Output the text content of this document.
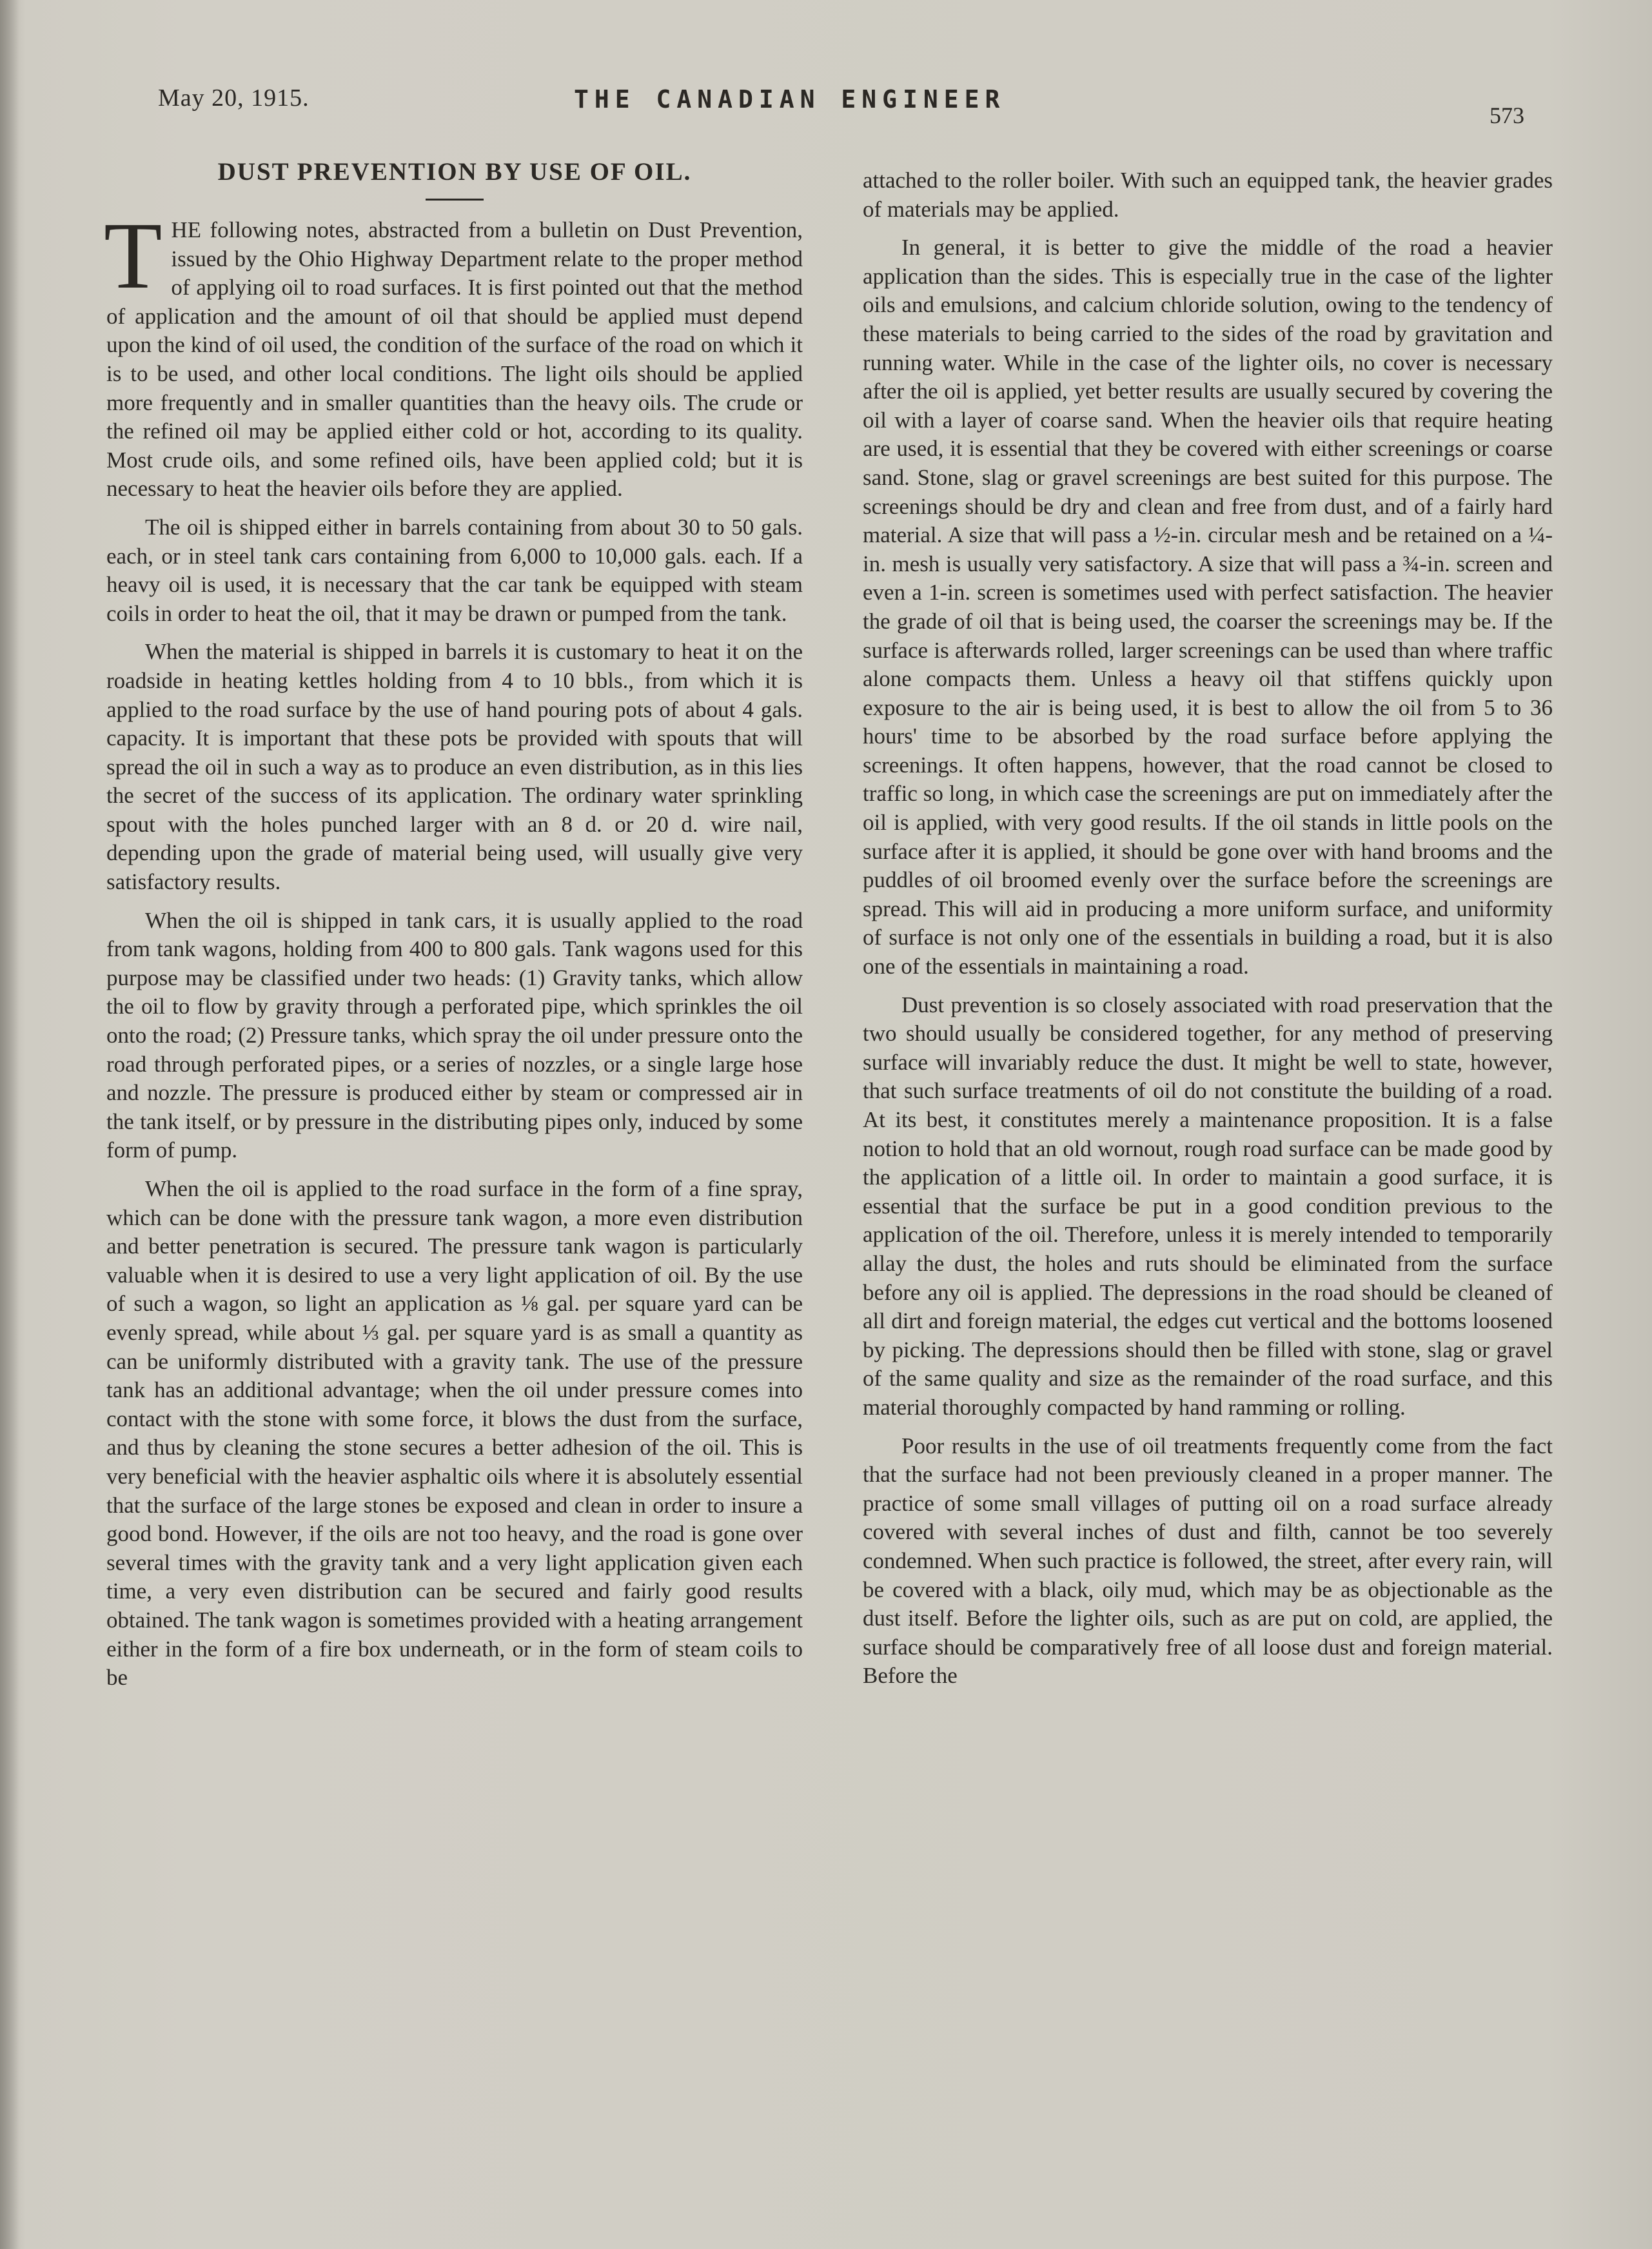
May 20, 1915.	THE CANADIAN ENGINEER
573
DUST PREVENTION BY USE OF OIL.

THE following notes, abstracted from a bulletin on Dust Prevention, issued by the Ohio Highway Department relate to the proper method of applying oil to road surfaces. It is first pointed out that the method of application and the amount of oil that should be applied must depend upon the kind of oil used, the condition of the surface of the road on which it is to be used, and other local conditions. The light oils should be applied more frequently and in smaller quantities than the heavy oils. The crude or the refined oil may be applied either cold or hot, according to its quality. Most crude oils, and some refined oils, have been applied cold; but it is necessary to heat the heavier oils before they are applied.

The oil is shipped either in barrels containing from about 30 to 50 gals. each, or in steel tank cars containing from 6,000 to 10,000 gals. each. If a heavy oil is used, it is necessary that the car tank be equipped with steam coils in order to heat the oil, that it may be drawn or pumped from the tank.

When the material is shipped in barrels it is customary to heat it on the roadside in heating kettles holding from 4 to 10 bbls., from which it is applied to the road surface by the use of hand pouring pots of about 4 gals. capacity. It is important that these pots be provided with spouts that will spread the oil in such a way as to produce an even distribution, as in this lies the secret of the success of its application. The ordinary water sprinkling spout with the holes punched larger with an 8 d. or 20 d. wire nail, depending upon the grade of material being used, will usually give very satisfactory results.

When the oil is shipped in tank cars, it is usually applied to the road from tank wagons, holding from 400 to 800 gals. Tank wagons used for this purpose may be classified under two heads: (1) Gravity tanks, which allow the oil to flow by gravity through a perforated pipe, which sprinkles the oil onto the road; (2) Pressure tanks, which spray the oil under pressure onto the road through perforated pipes, or a series of nozzles, or a single large hose and nozzle. The pressure is produced either by steam or compressed air in the tank itself, or by pressure in the distributing pipes only, induced by some form of pump.

When the oil is applied to the road surface in the form of a fine spray, which can be done with the pressure tank wagon, a more even distribution and better penetration is secured. The pressure tank wagon is particularly valuable when it is desired to use a very light application of oil. By the use of such a wagon, so light an application as ⅛ gal. per square yard can be evenly spread, while about ⅓ gal. per square yard is as small a quantity as can be uniformly distributed with a gravity tank. The use of the pressure tank has an additional advantage; when the oil under pressure comes into contact with the stone with some force, it blows the dust from the surface, and thus by cleaning the stone secures a better adhesion of the oil. This is very beneficial with the heavier asphaltic oils where it is absolutely essential that the surface of the large stones be exposed and clean in order to insure a good bond. However, if the oils are not too heavy, and the road is gone over several times with the gravity tank and a very light application given each time, a very even distribution can be secured and fairly good results obtained. The tank wagon is sometimes provided with a heating arrangement either in the form of a fire box underneath, or in the form of steam coils to be

attached to the roller boiler. With such an equipped tank, the heavier grades of materials may be applied.

In general, it is better to give the middle of the road a heavier application than the sides. This is especially true in the case of the lighter oils and emulsions, and calcium chloride solution, owing to the tendency of these materials to being carried to the sides of the road by gravitation and running water. While in the case of the lighter oils, no cover is necessary after the oil is applied, yet better results are usually secured by covering the oil with a layer of coarse sand. When the heavier oils that require heating are used, it is essential that they be covered with either screenings or coarse sand. Stone, slag or gravel screenings are best suited for this purpose. The screenings should be dry and clean and free from dust, and of a fairly hard material. A size that will pass a ½-in. circular mesh and be retained on a ¼-in. mesh is usually very satisfactory. A size that will pass a ¾-in. screen and even a 1-in. screen is sometimes used with perfect satisfaction. The heavier the grade of oil that is being used, the coarser the screenings may be. If the surface is afterwards rolled, larger screenings can be used than where traffic alone compacts them. Unless a heavy oil that stiffens quickly upon exposure to the air is being used, it is best to allow the oil from 5 to 36 hours' time to be absorbed by the road surface before applying the screenings. It often happens, however, that the road cannot be closed to traffic so long, in which case the screenings are put on immediately after the oil is applied, with very good results. If the oil stands in little pools on the surface after it is applied, it should be gone over with hand brooms and the puddles of oil broomed evenly over the surface before the screenings are spread. This will aid in producing a more uniform surface, and uniformity of surface is not only one of the essentials in building a road, but it is also one of the essentials in maintaining a road.

Dust prevention is so closely associated with road preservation that the two should usually be considered together, for any method of preserving surface will invariably reduce the dust. It might be well to state, however, that such surface treatments of oil do not constitute the building of a road. At its best, it constitutes merely a maintenance proposition. It is a false notion to hold that an old wornout, rough road surface can be made good by the application of a little oil. In order to maintain a good surface, it is essential that the surface be put in a good condition previous to the application of the oil. Therefore, unless it is merely intended to temporarily allay the dust, the holes and ruts should be eliminated from the surface before any oil is applied. The depressions in the road should be cleaned of all dirt and foreign material, the edges cut vertical and the bottoms loosened by picking. The depressions should then be filled with stone, slag or gravel of the same quality and size as the remainder of the road surface, and this material thoroughly compacted by hand ramming or rolling.

Poor results in the use of oil treatments frequently come from the fact that the surface had not been previously cleaned in a proper manner. The practice of some small villages of putting oil on a road surface already covered with several inches of dust and filth, cannot be too severely condemned. When such practice is followed, the street, after every rain, will be covered with a black, oily mud, which may be as objectionable as the dust itself. Before the lighter oils, such as are put on cold, are applied, the surface should be comparatively free of all loose dust and foreign material. Before the
